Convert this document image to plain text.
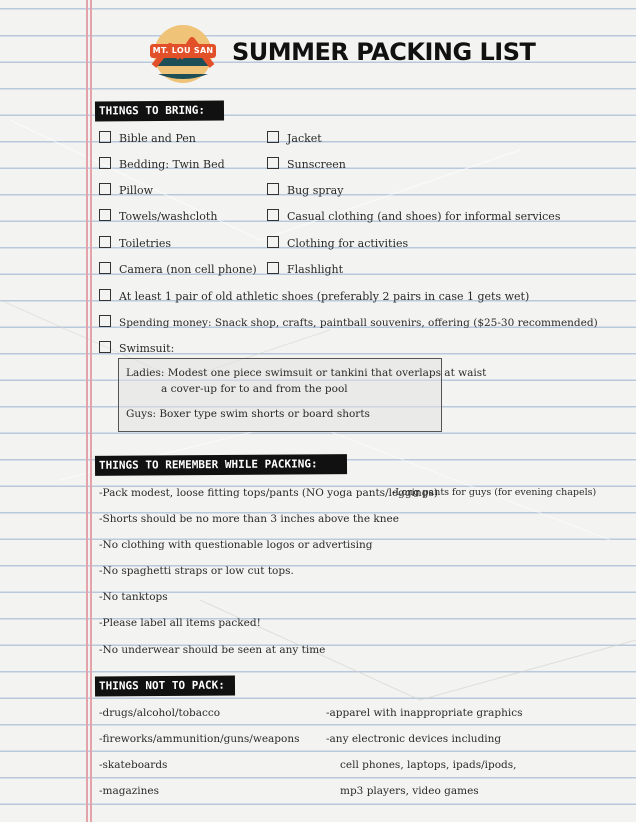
MT. LOU SAN SUMMER PACKING LIST
THINGS TO BRING:
Bible and Pen
Bedding: Twin Bed
Pillow
Towels/washcloth
Toiletries
Camera (non cell phone)
Jacket
Sunscreen
Bug spray
Casual clothing (and shoes) for informal services
Clothing for activities
Flashlight
At least 1 pair of old athletic shoes (preferably 2 pairs in case 1 gets wet)
Spending money: Snack shop, crafts, paintball souvenirs, offering ($25-30 recommended)
Swimsuit:
Ladies: Modest one piece swimsuit or tankini that overlaps at waist
a cover-up for to and from the pool
Guys: Boxer type swim shorts or board shorts
THINGS TO REMEMBER WHILE PACKING:
-Pack modest, loose fitting tops/pants (NO yoga pants/leggings)
-Long pants for guys (for evening chapels)
-Shorts should be no more than 3 inches above the knee
-No clothing with questionable logos or advertising
-No spaghetti straps or low cut tops.
-No tanktops
-Please label all items packed!
-No underwear should be seen at any time
THINGS NOT TO PACK:
-drugs/alcohol/tobacco
-fireworks/ammunition/guns/weapons
-skateboards
-magazines
-apparel with inappropriate graphics
-any electronic devices including
cell phones, laptops, ipads/ipods,
mp3 players, video games
